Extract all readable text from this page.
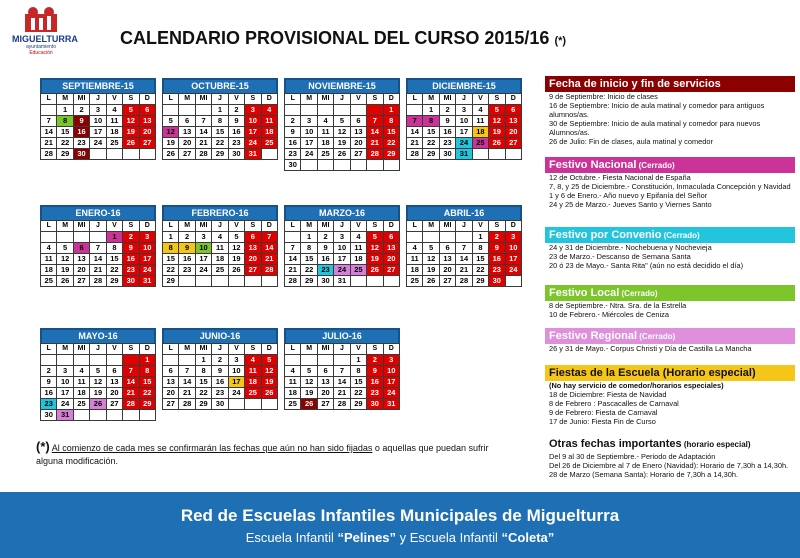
MIGUELTURRA
ayuntamiento
Educación
CALENDARIO PROVISIONAL DEL CURSO 2015/16 (*)
SEPTIEMBRE-15
L	M	MI	J	V	S	D
	1	2	3	4	5	6
7	8	9	10	11	12	13
14	15	16	17	18	19	20
21	22	23	24	25	26	27
28	29	30				
OCTUBRE-15
L	M	MI	J	V	S	D
			1	2	3	4
5	6	7	8	9	10	11
12	13	14	15	16	17	18
19	20	21	22	23	24	25
26	27	28	29	30	31	
NOVIEMBRE-15
L	M	MI	J	V	S	D
						1
2	3	4	5	6	7	8
9	10	11	12	13	14	15
16	17	18	19	20	21	22
23	24	25	26	27	28	29
30						
DICIEMBRE-15
L	M	MI	J	V	S	D
	1	2	3	4	5	6
7	8	9	10	11	12	13
14	15	16	17	18	19	20
21	22	23	24	25	26	27
28	29	30	31			
ENERO-16
L	M	MI	J	V	S	D
				1	2	3
4	5	6	7	8	9	10
11	12	13	14	15	16	17
18	19	20	21	22	23	24
25	26	27	28	29	30	31
FEBRERO-16
L	M	MI	J	V	S	D
1	2	3	4	5	6	7
8	9	10	11	12	13	14
15	16	17	18	19	20	21
22	23	24	25	26	27	28
29						
MARZO-16
L	M	MI	J	V	S	D
	1	2	3	4	5	6
7	8	9	10	11	12	13
14	15	16	17	18	19	20
21	22	23	24	25	26	27
28	29	30	31			
ABRIL-16
L	M	MI	J	V	S	D
				1	2	3
4	5	6	7	8	9	10
11	12	13	14	15	16	17
18	19	20	21	22	23	24
25	26	27	28	29	30	
MAYO-16
L	M	MI	J	V	S	D
						1
2	3	4	5	6	7	8
9	10	11	12	13	14	15
16	17	18	19	20	21	22
23	24	25	26	27	28	29
30	31					
JUNIO-16
L	M	MI	J	V	S	D
		1	2	3	4	5
6	7	8	9	10	11	12
13	14	15	16	17	18	19
20	21	22	23	24	25	26
27	28	29	30			
JULIO-16
L	M	MI	J	V	S	D
				1	2	3
4	5	6	7	8	9	10
11	12	13	14	15	16	17
18	19	20	21	22	23	24
25	26	27	28	29	30	31
Fecha de inicio y fin de servicios
9 de Septiembre: Inicio de clases
16 de Septiembre: Inicio de aula matinal y comedor para antiguos alumnos/as.
30 de Septiembre: Inicio de aula matinal y comedor para nuevos Alumnos/as.
26 de Julio: Fin de clases, aula matinal y comedor
Festivo Nacional (Cerrado)
12 de Octubre.- Fiesta Nacional de España
7, 8, y 25 de Diciembre.- Constitución, Inmaculada Concepción y Navidad
1 y 6 de Enero.- Año nuevo y Epifanía del Señor
24 y 25 de Marzo.- Jueves Santo y Viernes Santo
Festivo por Convenio (Cerrado)
24 y 31 de Diciembre.- Nochebuena y Nochevieja
23 de Marzo.- Descanso de Semana Santa
20 ó 23 de Mayo.- Santa Rita" (aún no está decidido el día)
Festivo Local (Cerrado)
8 de Septiembre.- Ntra. Sra. de la Estrella
10 de Febrero.- Miércoles de Ceniza
Festivo Regional (Cerrado)
26 y 31 de Mayo.- Corpus Christi y Día de Castilla La Mancha
Fiestas de la Escuela (Horario especial)
(No hay servicio de comedor/horarios especiales)
18 de Diciembre: Fiesta de Navidad
8 de Febrero : Pascacalles de Carnaval
9 de Febrero: Fiesta de Carnaval
17 de Junio: Fiesta Fin de Curso
Otras fechas importantes (horario especial)
Del 9 al 30 de Septiembre.- Periodo de Adaptación
Del 26 de Diciembre al 7 de Enero (Navidad): Horario de 7,30h a 14,30h.
28 de Marzo (Semana Santa): Horario de 7,30h a 14,30h.
(*) Al comienzo de cada mes se confirmarán las fechas que aún no han sido fijadas o aquellas que puedan sufrir alguna modificación.
Red de Escuelas Infantiles Municipales de Miguelturra
Escuela Infantil “Pelines” y Escuela Infantil “Coleta”
